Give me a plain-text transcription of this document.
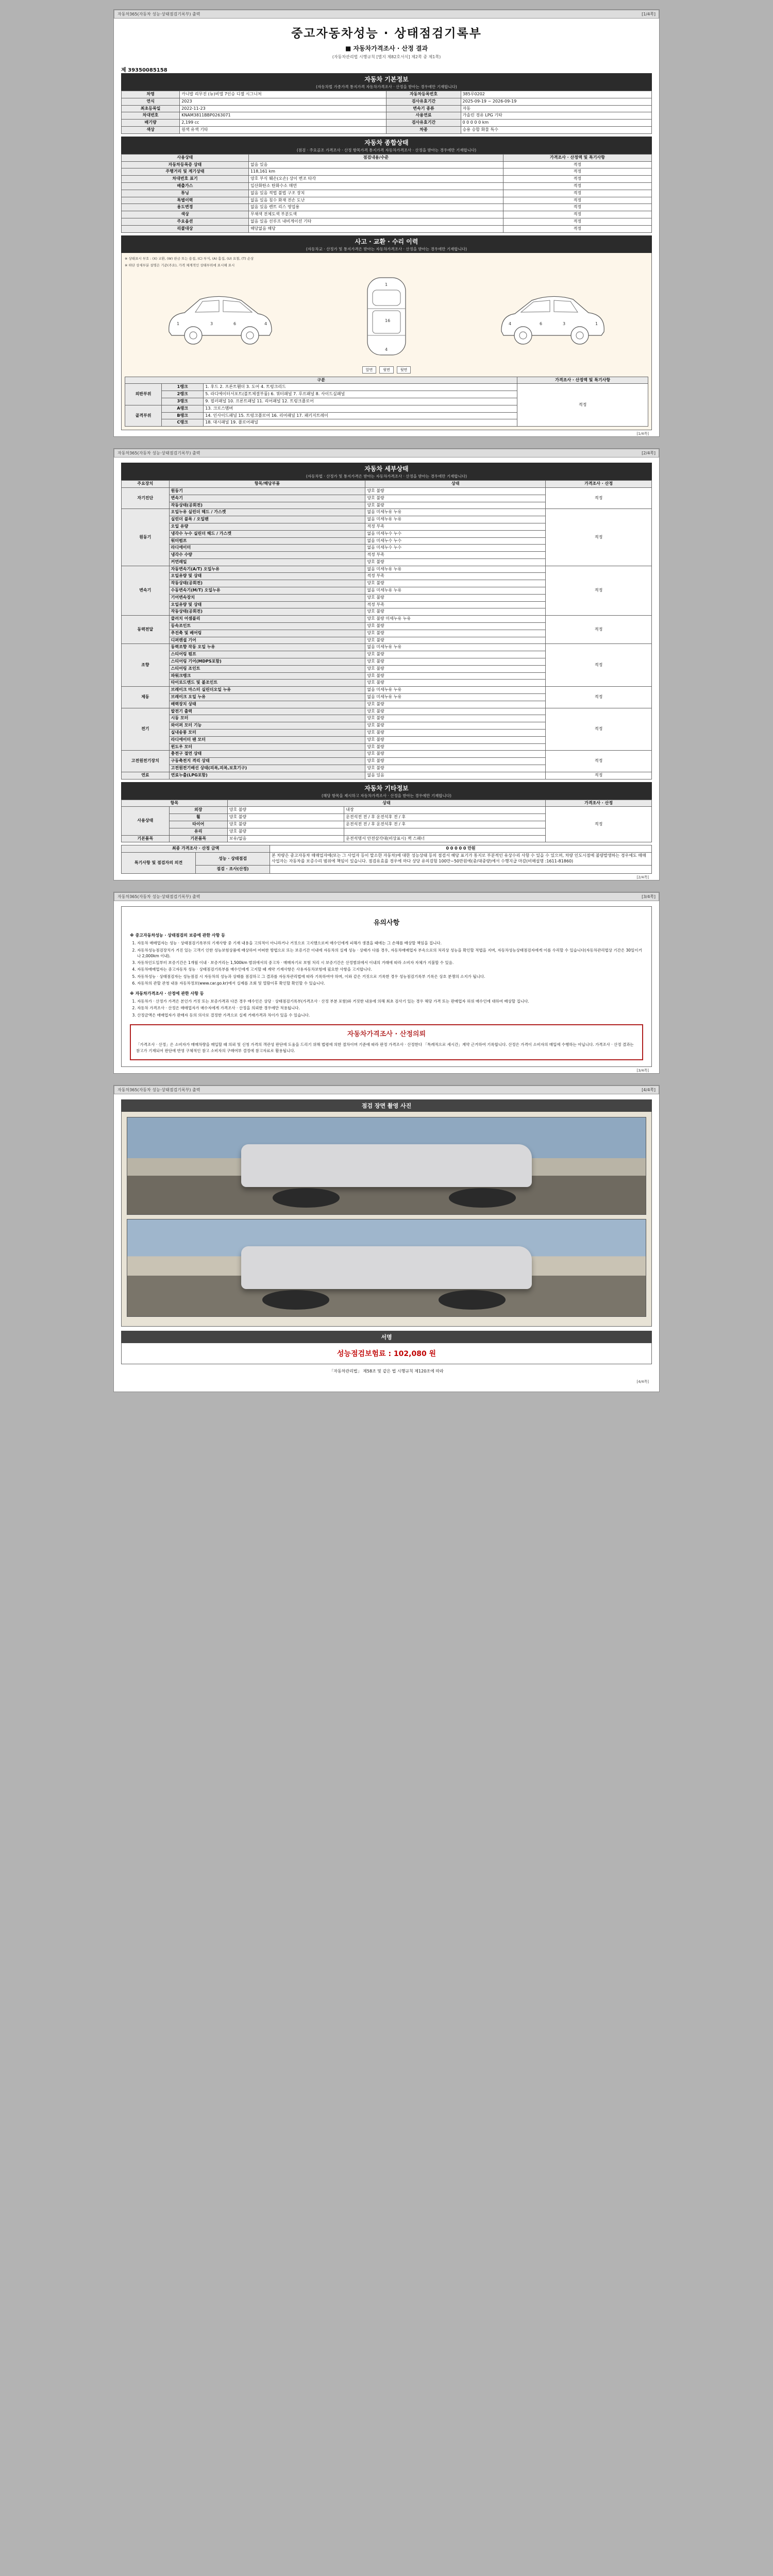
자동차365(자동차 성능·상태점검기록부) 출력	[1/4쪽]
중고자동차성능 · 상태점검기록부
■ 자동차가격조사 · 산정 결과
(자동차관리법 시행규칙 [별지 제82호서식] 제2쪽 중 제1쪽)
제 39350085158
자동차 기본정보
(자동차법 가종가격 통지가격 자동차가격조사 · 산정을 받아는 경우에만 기재합니다)
차명	카니발 리무진 (뉴)비엘 7인승 디젤 시그니처	자동차등록번호	385루0202
연식	2023	검사유효기간	2025-09-19 ~ 2026-09-19
최초등록일	2022-11-23	변속기 종류	자동
차대번호	KNAM3811BBP0263071	사용연료	가솔린 경유 LPG 기타
배기량	2,199 cc	검사유효기간	0 0 0 0 0 km
색상	원색 유색 기타	차종	승용 승합 화물 특수
자동차 종합상태
(점검 · 주요골조 가격조사 · 산정 항목가격 통지가격 자동차가격조사 · 산정을 받아는 경우에만 기재합니다)
사용상태	점검내용/수준	가격조사 · 산정액 및 특기사항
자동차등록증 상태	없음 있음	적정
주행거리 및 계기상태	118,161 km	적정
차대번호 표기	양호 부식 훼손(오손) 상이 변조 타각	적정
배출가스	일산화탄소 탄화수소 매연	적정
튜닝	없음 있음 적법 불법 구조 장치	적정
특별이력	없음 있음 침수 화재 전손 도난	적정
용도변경	없음 있음 렌트 리스 영업용	적정
색상	무채색 전체도색 부분도색	적정
주요옵션	없음 있음 선루프 내비게이션 기타	적정
리콜대상	해당없음 해당	적정
사고 · 교환 · 수리 이력
(자동차교 · 산정가 및 통지가격은 받아는 자동차가격조사 · 산정을 받아는 경우에만 기재합니다)
※ 상태표시 부호 : (X) 교환, (W) 판금 또는 용접, (C) 부식, (A) 흠집, (U) 요철, (T) 손상
※ 하단 상세부분 설명은 기준(주요), 가격 체계적인 상태부위에 표시해 표시
1	3	6	4
1
16
4
4	6	3	1
앞면	윗면	뒷면
구분			가격조사 · 산정액 및 특기사항
외판부위	1랭크	1. 후드 2. 프론트휀더 3. 도어 4. 트렁크리드	적정
	2랭크	5. 라디에이터서포트(볼트체결부품) 6. 쿼터패널 7. 루프패널 8. 사이드실패널	
	3랭크	9. 필러패널 10. 프론트패널 11. 리어패널 12. 트렁크플로어	
골격부위	A랭크	13. 크로스멤버	
	B랭크	14. 인사이드패널 15. 트렁크플로어 16. 리어패널 17. 패키지트레이	
	C랭크	18. 대시패널 19. 플로어패널	
[1/4쪽]
자동차365(자동차 성능·상태점검기록부) 출력	[2/4쪽]
자동차 세부상태
(자동차법 · 산정가 및 통지가격은 받아는 자동차가격조사 · 산정을 받아는 경우에만 기재합니다)
주요장치	항목/해당부품	상태	가격조사 · 산정
자기진단	원동기	양호 불량	적정
	변속기	양호 불량	
	작동상태(공회전)	양호 불량	
원동기	오일누유 실린더 헤드 / 가스켓	없음 미세누유 누유	적정
	실린더 블록 / 오일팬	없음 미세누유 누유	
	오일 유량	적정 부족	
	냉각수 누수 실린더 헤드 / 가스켓	없음 미세누수 누수	
	워터펌프	없음 미세누수 누수	
	라디에이터	없음 미세누수 누수	
	냉각수 수량	적정 부족	
	커먼레일	양호 불량	
변속기	자동변속기(A/T) 오일누유	없음 미세누유 누유	적정
	오일유량 및 상태	적정 부족	
	작동상태(공회전)	양호 불량	
	수동변속기(M/T) 오일누유	없음 미세누유 누유	
	기어변속장치	양호 불량	
	오일유량 및 상태	적정 부족	
	작동상태(공회전)	양호 불량	
동력전달	클러치 어셈블리	양호 불량 미세누유 누유	적정
	등속조인트	양호 불량	
	추진축 및 베어링	양호 불량	
	디퍼렌셜 기어	양호 불량	
조향	동력조향 작동 오일 누유	없음 미세누유 누유	적정
	스티어링 펌프	양호 불량	
	스티어링 기어(MDPS포함)	양호 불량	
	스티어링 조인트	양호 불량	
	파워크랭크	양호 불량	
	타이로드엔드 및 볼조인트	양호 불량	
제동	브레이크 마스터 실린더오일 누유	없음 미세누유 누유	적정
	브레이크 오일 누유	없음 미세누유 누유	
	배력장치 상태	양호 불량	
전기	발전기 출력	양호 불량	적정
	시동 모터	양호 불량	
	와이퍼 모터 기능	양호 불량	
	실내송풍 모터	양호 불량	
	라디에이터 팬 모터	양호 불량	
	윈도우 모터	양호 불량	
고전원전기장치	충전구 절연 상태	양호 불량	적정
	구동축전지 격리 상태	양호 불량	
	고전원전기배선 상태(피복,피복,보호기구)	양호 불량	
연료	연료누출(LPG포함)	없음 있음	적정
자동차 기타정보
(해당 항목을 제시하고 자동차가격조사 · 산정을 받아는 경우에만 기재합니다)
항목		상태		가격조사 · 산정
사용상태	외장	양호 불량	내장	적정
	휠	양호 불량	운전석전 전 / 후 운전석후 전 / 후	
	타이어	양호 불량	운전석전 전 / 후 운전석후 전 / 후	
	유리	양호 불량		
기본품목	기본품목	보유/없음	운전석명서 안전삼각대(비상표시) 잭 스패너	
최종 가격조사 · 산정 금액		0 0 0 0 0 만원
특기사항 및 점검자의 의견	성능 · 상태점검	본 차량은 중고자동차 매매업자에(또는 그 사업자 등이 말소한 자동차)에 대한 성능상태 등의 점검서 해당 표기가 통지로 부분적인 유상수리 사항 수 있을 수 있으며, 차량 인도시점에 불량발생하는 경우에도 매매사업자는 자동차를 보증수리 범위에 책임이 있습니다. 점검유효를 경우에 마다 상당 유의검험 100만~50만원에(중/대중량)에서 수행지급 마감(비해설명 :1611-81860)
	점검 · 조사(산정)	
[2/4쪽]
자동차365(자동차 성능·상태점검기록부) 출력	[3/4쪽]
유의사항
※ 중고자동차성능 · 상태점검의 보증에 관한 사항 등
1. 자동차 매매업자는 성능 · 상태점검기록부의 기재사항 중 기재 내용을 고의적이 아니라거나 거짓으로 고지했으로써 매수인에게 피해가 생겼을 때에는 그 손해를 배상할 책임을 집니다.
2. 자동차성능점검장치가 거진 있는 고객기 인한 성능보험상품에 배상하여 어떠한 방법으로 또는 보증기간 이내에 자동차의 실제 성능 · 상태가 다를 경우, 자동차매매업자 부속으로의 처리상 성능을 확인할 적법을 지며, 자동차성능상태점검자에게 이를 수리할 수 있습니다(자동차관리법상 기간은 30일이거나 2,000km 이내).
3. 자동차인도일부터 보증기간은 1개월 이내 · 보증거리는 1,500km 범위에서의 중고차 · 매매자기로 보험 처리 시 보증기간은 산정범위에서 이내의 거래에 따라 소비자 자체가 지불할 수 있음.
4. 자동차매매업자는 중고자동차 성능 · 상태점검기록부를 매수인에게 고지할 때 계약 기재사항은 사용자동차보험에 필요한 사항을 고지합니다.
5. 자동차성능 · 상태점검자는 성능점검 시 자동차의 성능과 상태를 점검하고 그 결과를 자동차관리법에 따라 기록하여야 하며, 이와 같은 거짓으로 기록한 경우 성능점검기록부 기록은 상호 분쟁의 소지가 됩니다.
6. 자동차의 관할 관청 내용 자동차정보(www.car.go.kr)에서 실제를 조회 및 열람이후 확인할 확인할 수 있습니다.
※ 자동차가격조사 · 산정에 관한 사항 등
1. 자동차가 · 산정가 가격은 본인가 거짓 또는 보증가격과 다른 경우 매수인은 상당 · 상태점검기록부(가격조사 · 산정 부분 포함)와 거짓한 내용에 의해 최초 검사기 있는 경우 해당 가격 또는 판매업자 허위 매수인에 대하여 배상할 집니다.
2. 자동차 가격조사 · 산정은 매매업자가 매수자에게 가격조사 · 산정을 의뢰한 경우에만 적용됩니다.
3. 산정금액은 매매업자가 판매자 등의 의사로 결정한 가격으로 실제 거래가격과 차이가 있을 수 있습니다.
자동차가격조사 · 산정의뢰

「가격조사 · 산정」은 소비자가 매매차량을 매입할 때 의뢰 및 신청 가격의 객관성 판단에 도움을 드리기 위해 법령에 의한 절차이며 기준에 따라 판정 가격조사 · 산정한다 「특례적으로 세시간」계약 근거하여 기록합니다. 산정은 가격이 소비자의 매입에 수행하는 아닙니다. 가격조사 · 산정 결과는 참고가 기재되어 판단에 반영 구체적인 참고 소비자의 구매여부 결정에 참고자료로 활용됩니다.

[3/4쪽]
자동차365(자동차 성능·상태점검기록부) 출력	[4/4쪽]
점검 장면 촬영 사진
서명
성능점검보험료 : 102,080 원
「자동차관리법」 제58조 및 같은 법 시행규칙 제120조에 따라
[4/4쪽]
